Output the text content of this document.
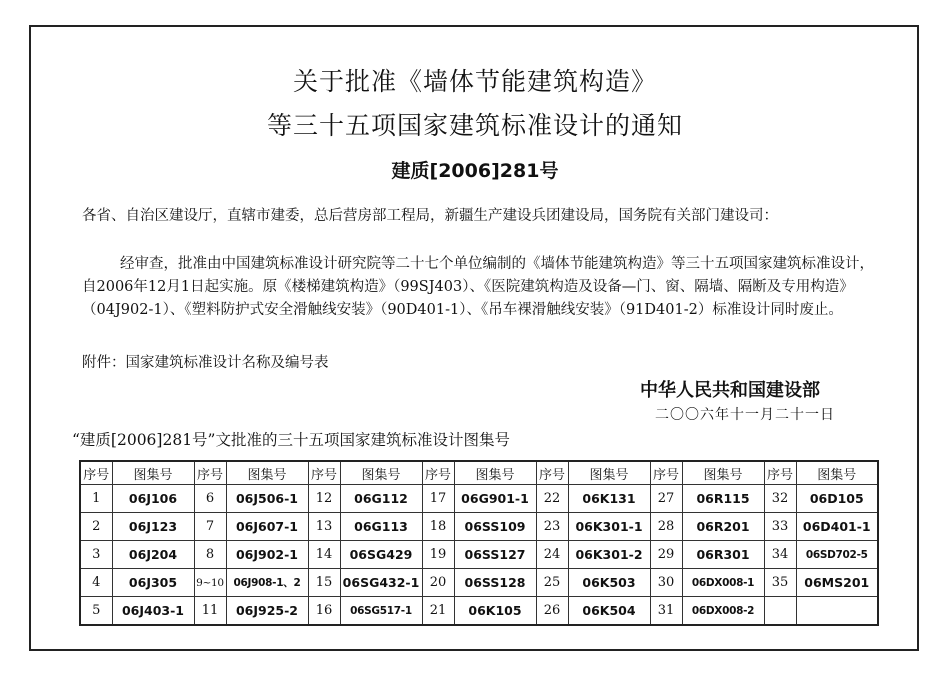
关于批准《墙体节能建筑构造》
等三十五项国家建筑标准设计的通知
建质[2006]281号
各省、自治区建设厅，直辖市建委，总后营房部工程局，新疆生产建设兵团建设局，国务院有关部门建设司：
经审查，批准由中国建筑标准设计研究院等二十七个单位编制的《墙体节能建筑构造》等三十五项国家建筑标准设计，自2006年12月1日起实施。原《楼梯建筑构造》（99SJ403）、《医院建筑构造及设备—门、窗、隔墙、隔断及专用构造》（04J902-1）、《塑料防护式安全滑触线安装》（90D401-1）、《吊车裸滑触线安装》（91D401-2）标准设计同时废止。
附件：国家建筑标准设计名称及编号表
中华人民共和国建设部
二〇〇六年十一月二十一日
“建质[2006]281号”文批准的三十五项国家建筑标准设计图集号
序号	图集号	序号	图集号	序号	图集号	序号	图集号	序号	图集号	序号	图集号	序号	图集号
1	06J106	6	06J506-1	12	06G112	17	06G901-1	22	06K131	27	06R115	32	06D105
2	06J123	7	06J607-1	13	06G113	18	06SS109	23	06K301-1	28	06R201	33	06D401-1
3	06J204	8	06J902-1	14	06SG429	19	06SS127	24	06K301-2	29	06R301	34	06SD702-5
4	06J305	9~10	06J908-1、2	15	06SG432-1	20	06SS128	25	06K503	30	06DX008-1	35	06MS201
5	06J403-1	11	06J925-2	16	06SG517-1	21	06K105	26	06K504	31	06DX008-2		
